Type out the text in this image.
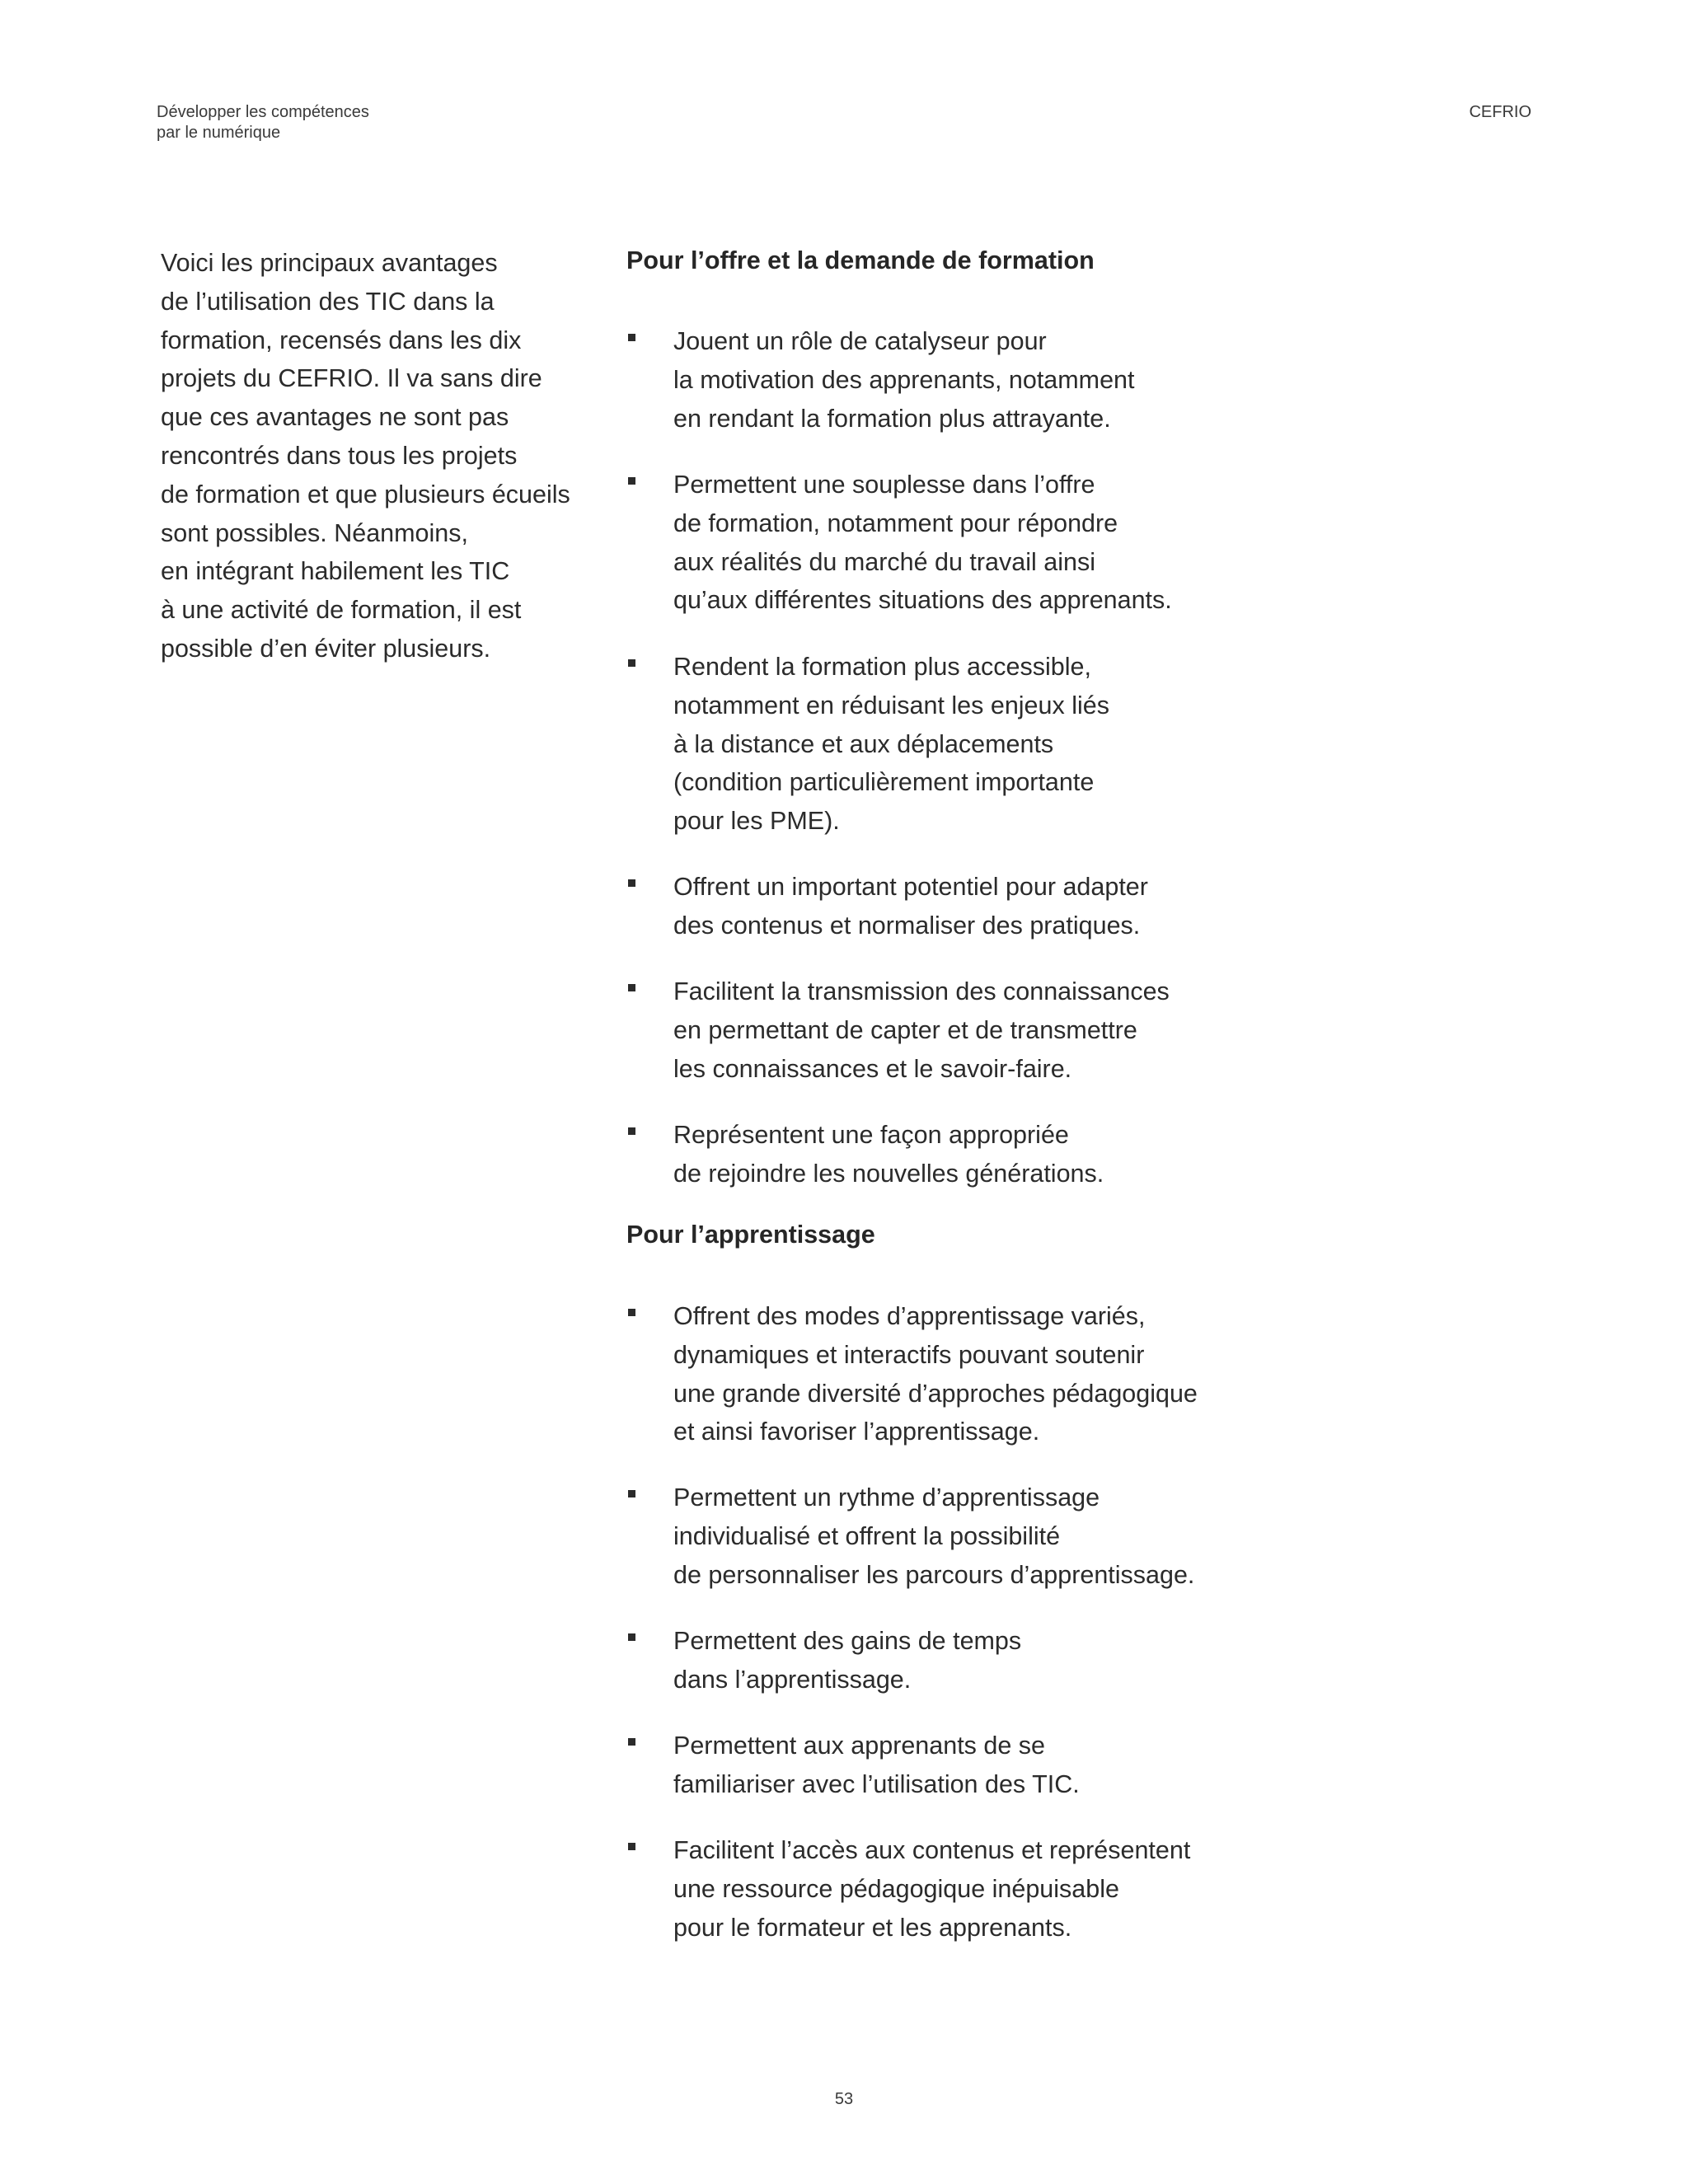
Développer les compétences
par le numérique
CEFRIO
Voici les principaux avantages
de l’utilisation des TIC dans la
formation, recensés dans les dix
projets du CEFRIO. Il va sans dire
que ces avantages ne sont pas
rencontrés dans tous les projets
de formation et que plusieurs écueils
sont possibles. Néanmoins,
en intégrant habilement les TIC
à une activité de formation, il est
possible d’en éviter plusieurs.
Pour l’offre et la demande de formation
Jouent un rôle de catalyseur pour
la motivation des apprenants, notamment
en rendant la formation plus attrayante.
Permettent une souplesse dans l’offre
de formation, notamment pour répondre
aux réalités du marché du travail ainsi
qu’aux différentes situations des apprenants.
Rendent la formation plus accessible,
notamment en réduisant les enjeux liés
à la distance et aux déplacements
(condition particulièrement importante
pour les PME).
Offrent un important potentiel pour adapter
des contenus et normaliser des pratiques.
Facilitent la transmission des connaissances
en permettant de capter et de transmettre
les connaissances et le savoir-faire.
Représentent une façon appropriée
de rejoindre les nouvelles générations.
Pour l’apprentissage
Offrent des modes d’apprentissage variés,
dynamiques et interactifs pouvant soutenir
une grande diversité d’approches pédagogique
et ainsi favoriser l’apprentissage.
Permettent un rythme d’apprentissage
individualisé et offrent la possibilité
de personnaliser les parcours d’apprentissage.
Permettent des gains de temps
dans l’apprentissage.
Permettent aux apprenants de se
familiariser avec l’utilisation des TIC.
Facilitent l’accès aux contenus et représentent
une ressource pédagogique inépuisable
pour le formateur et les apprenants.
53
